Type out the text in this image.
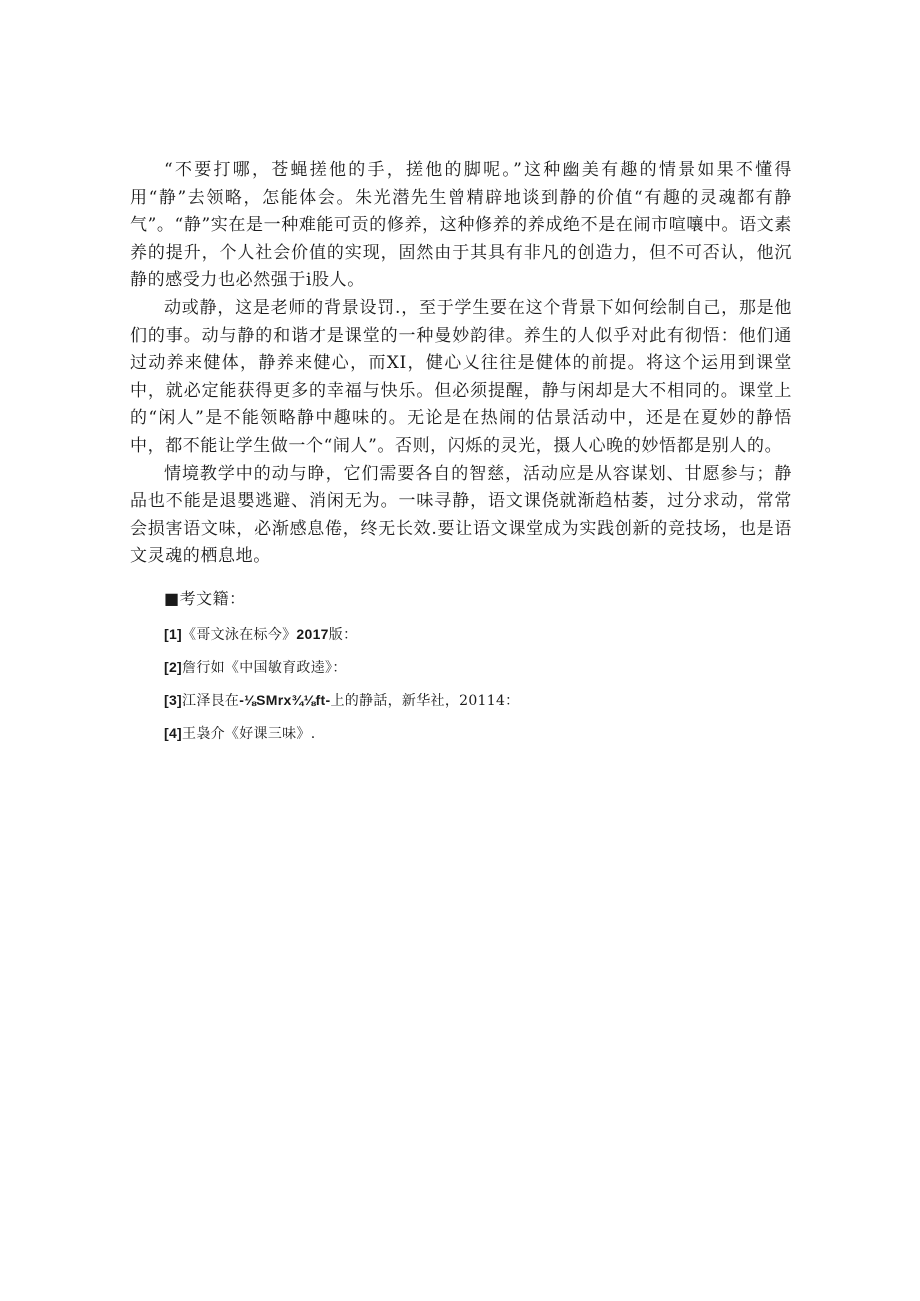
“不要打哪，苍蝇搓他的手，搓他的脚呢。”这种幽美有趣的情景如果不懂得用“静”去领略，怎能体会。朱光潜先生曾精辟地谈到静的价值“有趣的灵魂都有静气”。“静”实在是一种难能可贡的修养，这种修养的养成绝不是在闹市喧嚷中。语文素养的提升，个人社会价值的实现，固然由于其具有非凡的创造力，但不可否认，他沉静的感受力也必然强于i股人。

动或静，这是老师的背景设罚.，至于学生要在这个背景下如何绘制自己，那是他们的事。动与静的和谐才是课堂的一种曼妙韵律。养生的人似乎对此有彻悟：他们通过动养来健体，静养来健心，而XI，健心乂往往是健体的前提。将这个运用到课堂中，就必定能获得更多的幸福与快乐。但必须提醒，静与闲却是大不相同的。课堂上的“闲人”是不能领略静中趣味的。无论是在热闹的估景活动中，还是在夏妙的静悟中，都不能让学生做一个“闹人”。否则，闪烁的灵光，摄人心晚的妙悟都是别人的。

情境教学中的动与睁，它们需要各自的智慈，活动应是从容谋划、甘愿参与；静品也不能是退嬰逃避、消闲无为。一味寻静，语文课侥就渐趋枯萎，过分求动，常常会损害语文味，必渐感息倦，终无长效.要让语文课堂成为实践创新的竞技场，也是语文灵魂的栖息地。

■考文籍：

[1]《哥文泳在标今》2017版：

[2]詹行如《中国敏育政逵》：

[3]江泽艮在-⅛SMrx¾⅛ft-上的静話，新华社，20114：

[4]王袅介《好课三味》.
